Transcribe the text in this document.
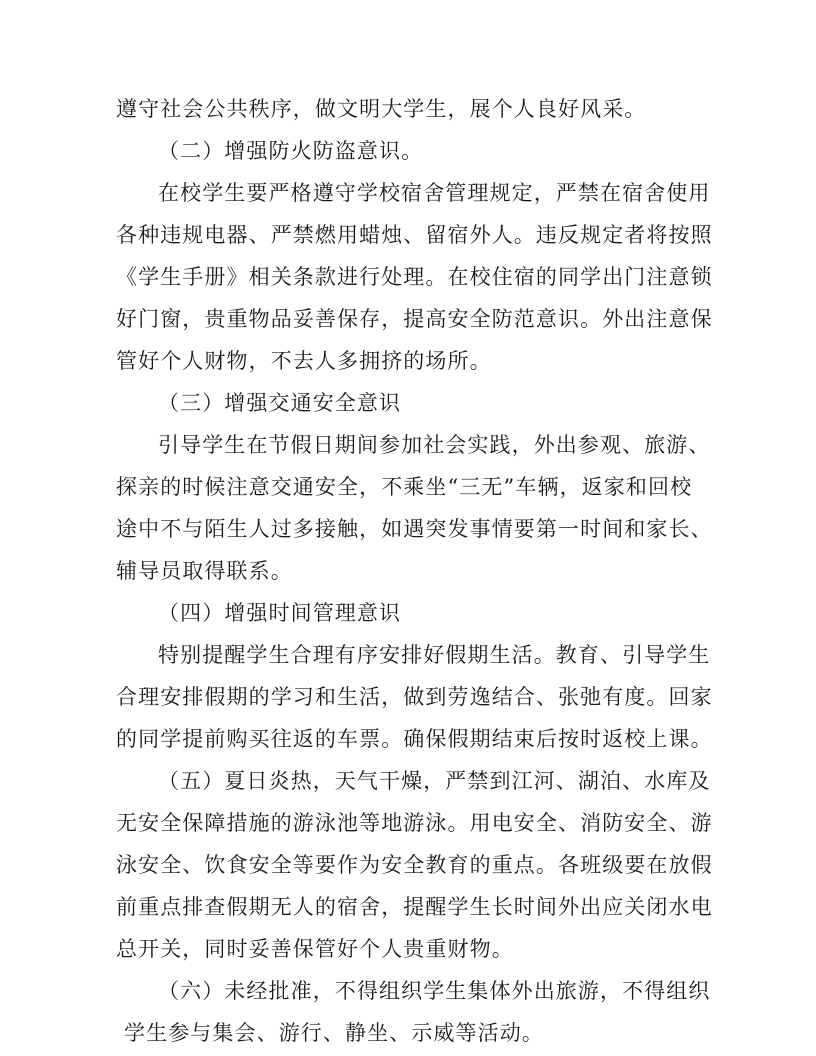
遵守社会公共秩序，做文明大学生，展个人良好风采。
（二）增强防火防盗意识。
在校学生要严格遵守学校宿舍管理规定，严禁在宿舍使用
各种违规电器、严禁燃用蜡烛、留宿外人。违反规定者将按照
《学生手册》相关条款进行处理。在校住宿的同学出门注意锁
好门窗，贵重物品妥善保存，提高安全防范意识。外出注意保
管好个人财物，不去人多拥挤的场所。
（三）增强交通安全意识
引导学生在节假日期间参加社会实践，外出参观、旅游、
探亲的时候注意交通安全，不乘坐“三无”车辆，返家和回校
途中不与陌生人过多接触，如遇突发事情要第一时间和家长、
辅导员取得联系。
（四）增强时间管理意识
特别提醒学生合理有序安排好假期生活。教育、引导学生
合理安排假期的学习和生活，做到劳逸结合、张弛有度。回家
的同学提前购买往返的车票。确保假期结束后按时返校上课。
（五）夏日炎热，天气干燥，严禁到江河、湖泊、水库及
无安全保障措施的游泳池等地游泳。用电安全、消防安全、游
泳安全、饮食安全等要作为安全教育的重点。各班级要在放假
前重点排查假期无人的宿舍，提醒学生长时间外出应关闭水电
总开关，同时妥善保管好个人贵重财物。
（六）未经批准，不得组织学生集体外出旅游，不得组织
学生参与集会、游行、静坐、示威等活动。
